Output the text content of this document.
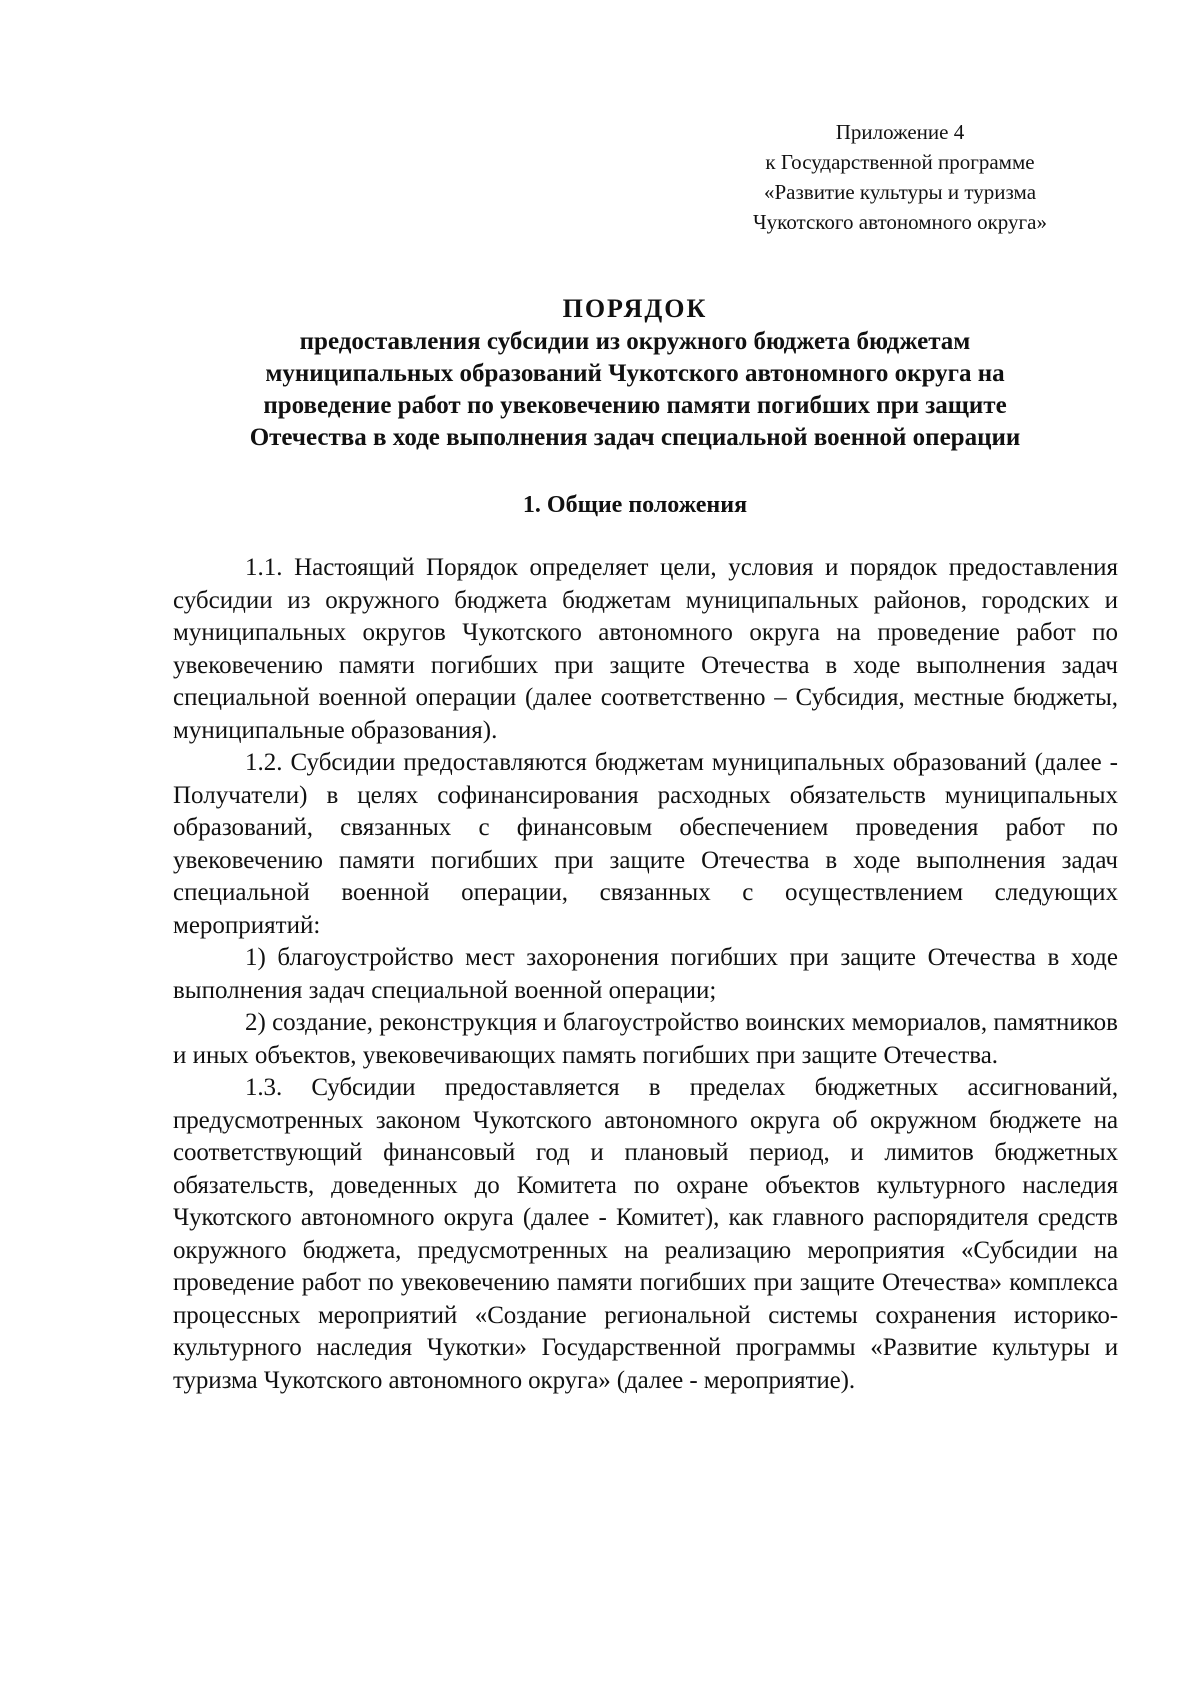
Приложение 4
к Государственной программе
«Развитие культуры и туризма
Чукотского автономного округа»
ПОРЯДОК
предоставления субсидии из окружного бюджета бюджетам
муниципальных образований Чукотского автономного округа на
проведение работ по увековечению памяти погибших при защите
Отечества в ходе выполнения задач специальной военной операции
1. Общие положения

1.1. Настоящий Порядок определяет цели, условия и порядок предоставления субсидии из окружного бюджета бюджетам муниципальных районов, городских и муниципальных округов Чукотского автономного округа на проведение работ по увековечению памяти погибших при защите Отечества в ходе выполнения задач специальной военной операции (далее соответственно – Субсидия, местные бюджеты, муниципальные образования).

1.2. Субсидии предоставляются бюджетам муниципальных образований (далее - Получатели) в целях софинансирования расходных обязательств муниципальных образований, связанных с финансовым обеспечением проведения работ по увековечению памяти погибших при защите Отечества в ходе выполнения задач специальной военной операции, связанных с осуществлением следующих мероприятий:

1) благоустройство мест захоронения погибших при защите Отечества в ходе выполнения задач специальной военной операции;

2) создание, реконструкция и благоустройство воинских мемориалов, памятников и иных объектов, увековечивающих память погибших при защите Отечества.

1.3. Субсидии предоставляется в пределах бюджетных ассигнований, предусмотренных законом Чукотского автономного округа об окружном бюджете на соответствующий финансовый год и плановый период, и лимитов бюджетных обязательств, доведенных до Комитета по охране объектов культурного наследия Чукотского автономного округа (далее - Комитет), как главного распорядителя средств окружного бюджета, предусмотренных на реализацию мероприятия «Субсидии на проведение работ по увековечению памяти погибших при защите Отечества» комплекса процессных мероприятий «Создание региональной системы сохранения историко-культурного наследия Чукотки» Государственной программы «Развитие культуры и туризма Чукотского автономного округа» (далее - мероприятие).
